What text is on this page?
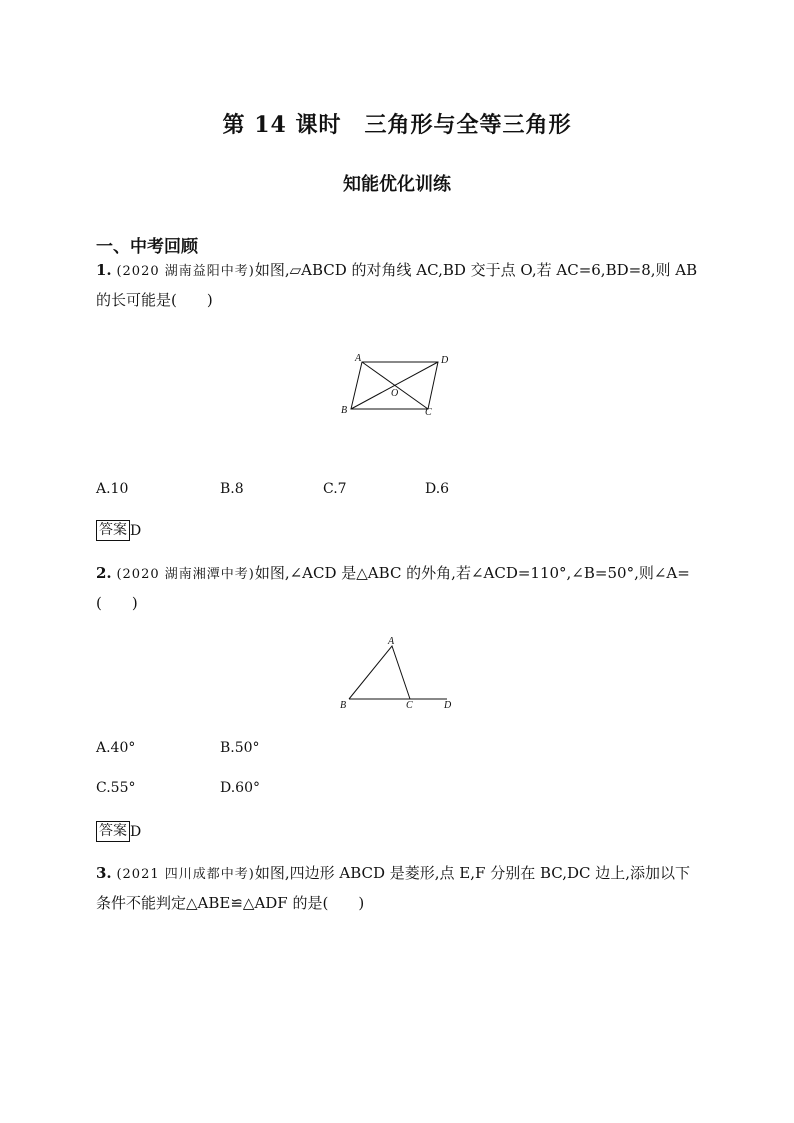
第 14 课时　三角形与全等三角形
知能优化训练
一、中考回顾
1. (2020 湖南益阳中考)如图,▱ABCD 的对角线 AC,BD 交于点 O,若 AC=6,BD=8,则 AB 的长可能是(　　)
A	D
O
B	C
A.10	B.8	C.7	D.6
答案 D
2. (2020 湖南湘潭中考)如图,∠ACD 是△ABC 的外角,若∠ACD=110°,∠B=50°,则∠A=(　　)
A
B	C	D
A.40°	B.50°
C.55°	D.60°
答案 D
3. (2021 四川成都中考)如图,四边形 ABCD 是菱形,点 E,F 分别在 BC,DC 边上,添加以下条件不能判定△ABE≌△ADF 的是(　　)
